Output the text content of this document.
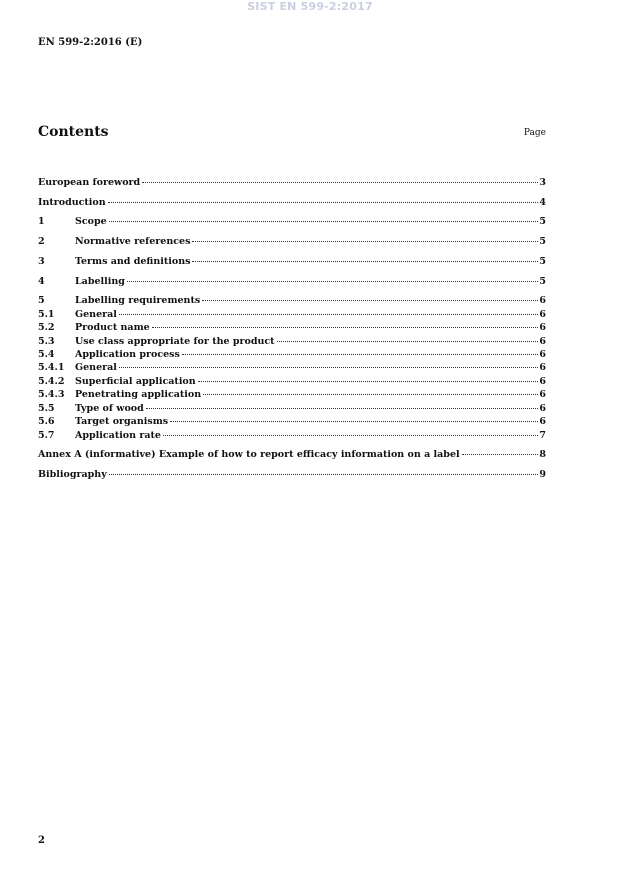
SIST EN 599-2:2017
EN 599-2:2016 (E)
Contents	Page
European foreword	3
Introduction	4
1	Scope	5
2	Normative references	5
3	Terms and definitions	5
4	Labelling	5
5	Labelling requirements	6
5.1	General	6
5.2	Product name	6
5.3	Use class appropriate for the product	6
5.4	Application process	6
5.4.1	General	6
5.4.2	Superficial application	6
5.4.3	Penetrating application	6
5.5	Type of wood	6
5.6	Target organisms	6
5.7	Application rate	7
Annex A (informative) Example of how to report efficacy information on a label	8
Bibliography	9
2
